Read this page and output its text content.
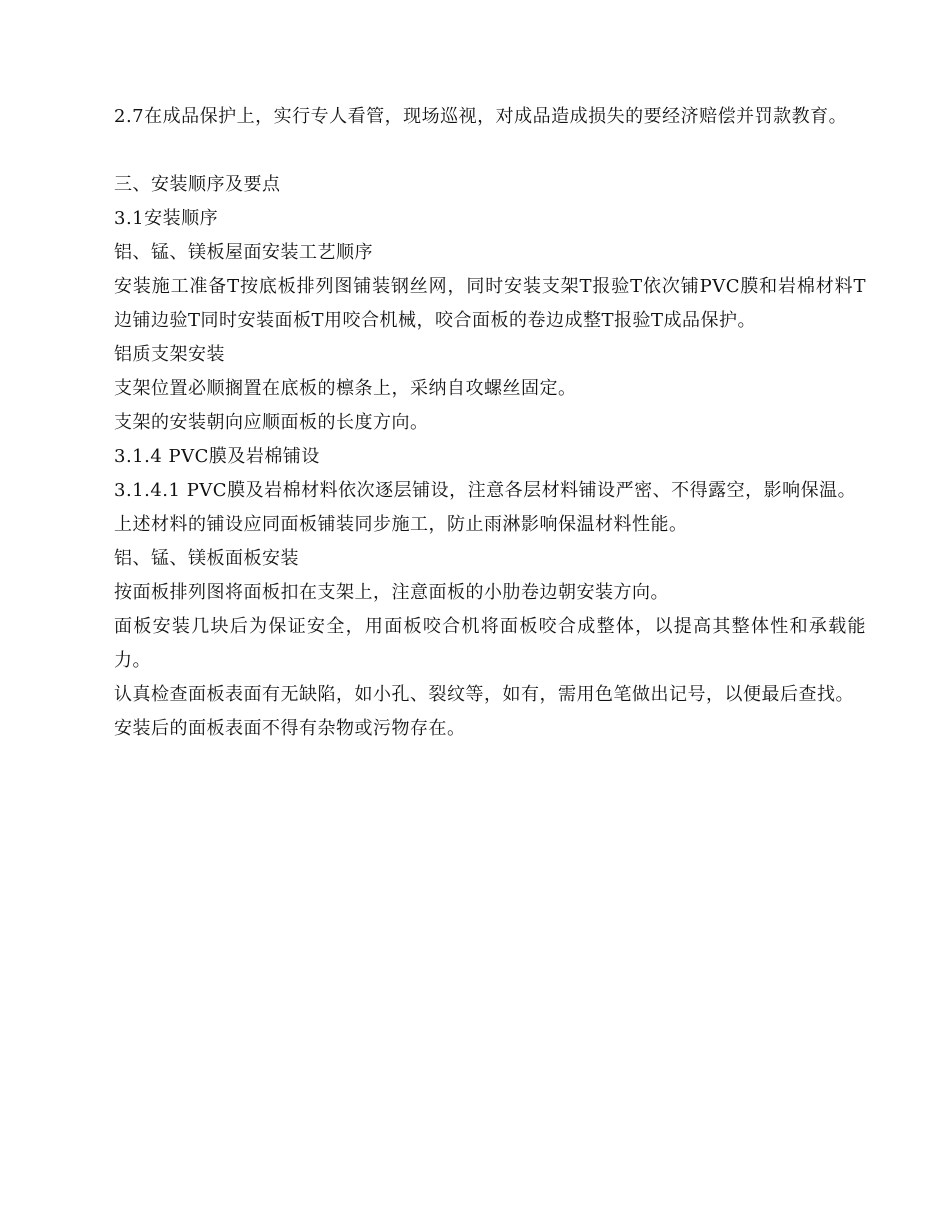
2.7在成品保护上，实行专人看管，现场巡视，对成品造成损失的要经济赔偿并罚款教育。

三、安装顺序及要点

3.1安装顺序

铝、锰、镁板屋面安装工艺顺序

安装施工准备T按底板排列图铺装钢丝网，同时安装支架T报验T依次铺PVC膜和岩棉材料T边铺边验T同时安装面板T用咬合机械，咬合面板的卷边成整T报验T成品保护。

铝质支架安装

支架位置必顺搁置在底板的檩条上，采纳自攻螺丝固定。

支架的安装朝向应顺面板的长度方向。

3.1.4 PVC膜及岩棉铺设

3.1.4.1 PVC膜及岩棉材料依次逐层铺设，注意各层材料铺设严密、不得露空，影响保温。

上述材料的铺设应同面板铺装同步施工，防止雨淋影响保温材料性能。

铝、锰、镁板面板安装

按面板排列图将面板扣在支架上，注意面板的小肋卷边朝安装方向。

面板安装几块后为保证安全，用面板咬合机将面板咬合成整体，以提高其整体性和承载能力。

认真检查面板表面有无缺陷，如小孔、裂纹等，如有，需用色笔做出记号，以便最后查找。

安装后的面板表面不得有杂物或污物存在。
